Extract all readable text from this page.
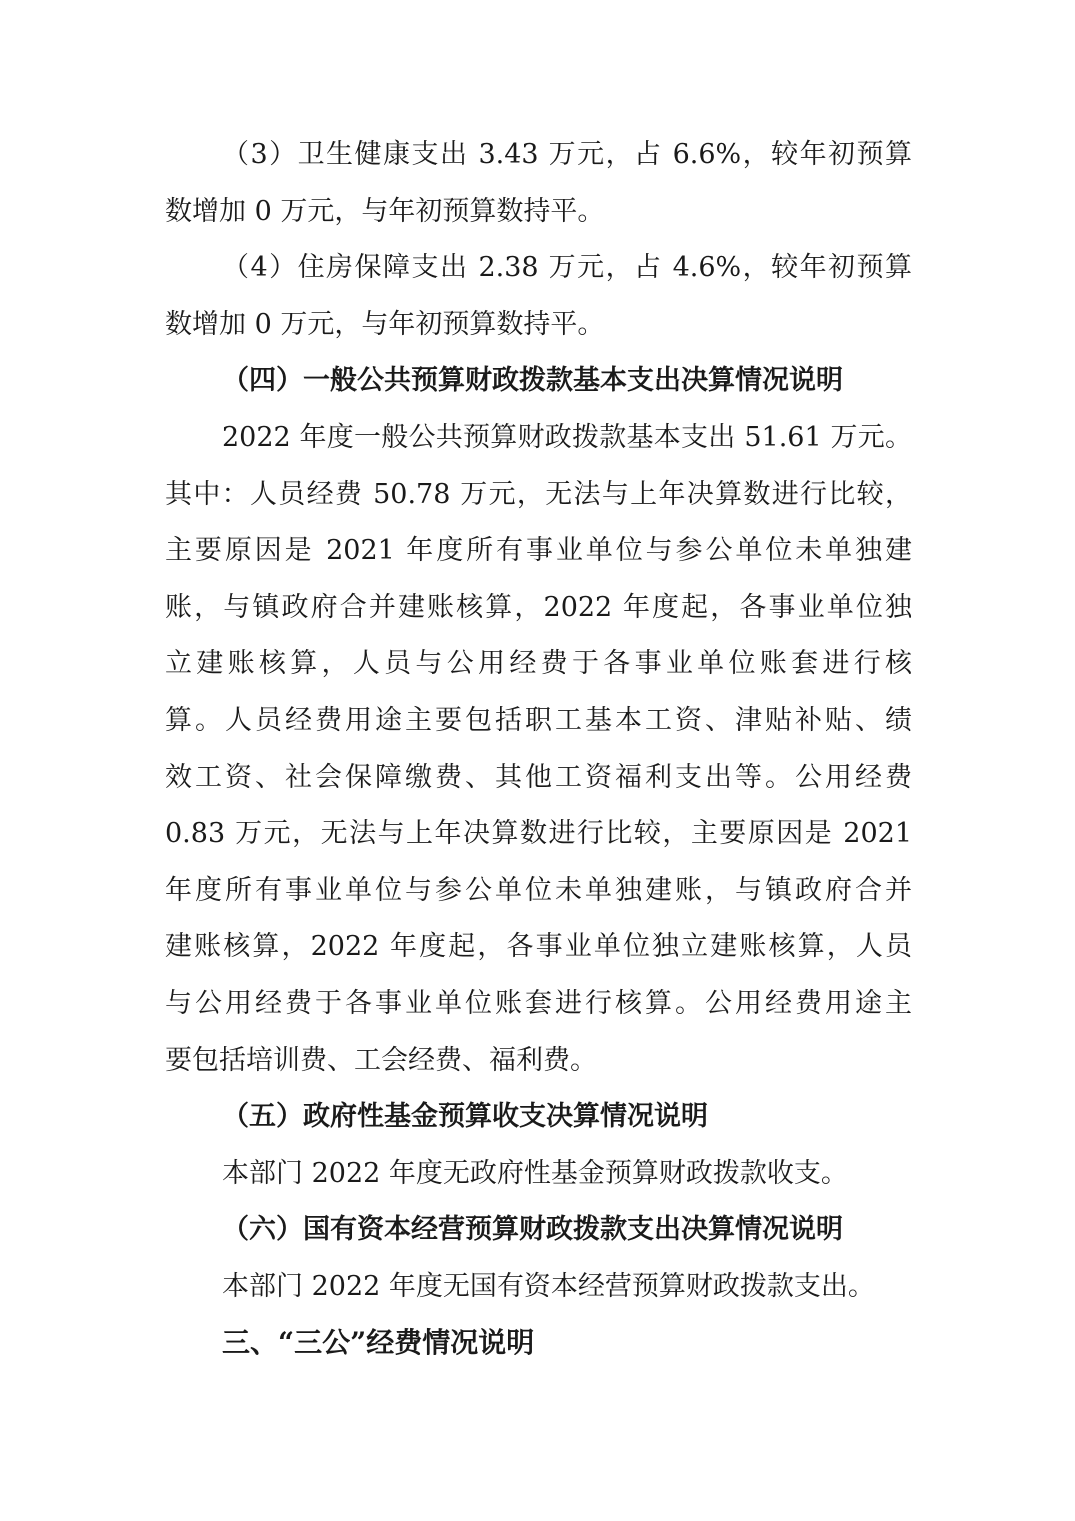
（3）卫生健康支出 3.43 万元，占 6.6%，较年初预算
数增加 0 万元，与年初预算数持平。
（4）住房保障支出 2.38 万元，占 4.6%，较年初预算
数增加 0 万元，与年初预算数持平。
（四）一般公共预算财政拨款基本支出决算情况说明
2022 年度一般公共预算财政拨款基本支出 51.61 万元。
其中：人员经费 50.78 万元，无法与上年决算数进行比较，
主要原因是 2021 年度所有事业单位与参公单位未单独建
账，与镇政府合并建账核算，2022 年度起，各事业单位独
立建账核算，人员与公用经费于各事业单位账套进行核
算。人员经费用途主要包括职工基本工资、津贴补贴、绩
效工资、社会保障缴费、其他工资福利支出等。公用经费
0.83 万元，无法与上年决算数进行比较，主要原因是 2021
年度所有事业单位与参公单位未单独建账，与镇政府合并
建账核算，2022 年度起，各事业单位独立建账核算，人员
与公用经费于各事业单位账套进行核算。公用经费用途主
要包括培训费、工会经费、福利费。
（五）政府性基金预算收支决算情况说明
本部门 2022 年度无政府性基金预算财政拨款收支。
（六）国有资本经营预算财政拨款支出决算情况说明
本部门 2022 年度无国有资本经营预算财政拨款支出。
三、“三公”经费情况说明
